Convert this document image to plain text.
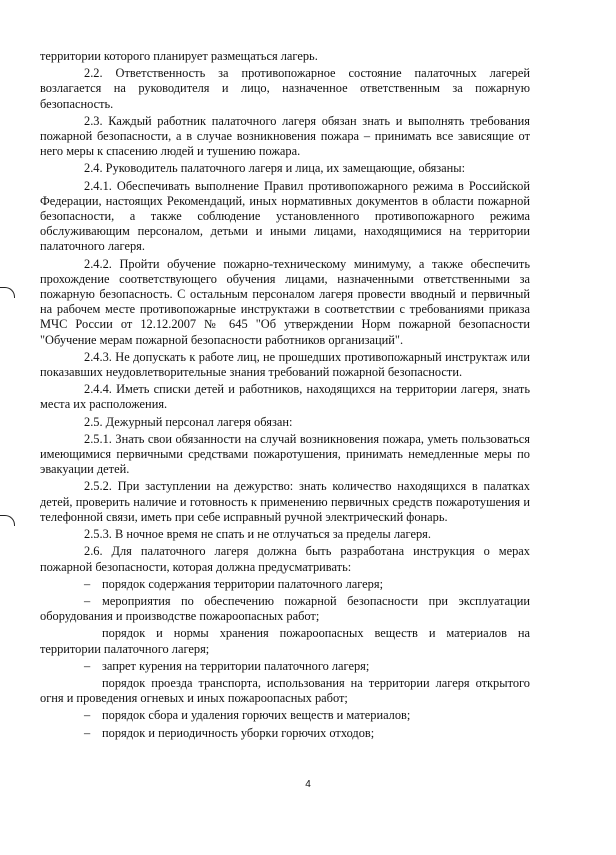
территории которого планирует размещаться лагерь.

2.2. Ответственность за противопожарное состояние палаточных лагерей возлагается на руководителя и лицо, назначенное ответственным за пожарную безопасность.

2.3. Каждый работник палаточного лагеря обязан знать и выполнять требования пожарной безопасности, а в случае возникновения пожара – принимать все зависящие от него меры к спасению людей и тушению пожара.

2.4. Руководитель палаточного лагеря и лица, их замещающие, обязаны:

2.4.1. Обеспечивать выполнение Правил противопожарного режима в Российской Федерации, настоящих Рекомендаций, иных нормативных документов в области пожарной безопасности, а также соблюдение установленного противопожарного режима обслуживающим персоналом, детьми и иными лицами, находящимися на территории палаточного лагеря.

2.4.2. Пройти обучение пожарно-техническому минимуму, а также обеспечить прохождение соответствующего обучения лицами, назначенными ответственными за пожарную безопасность. С остальным персоналом лагеря провести вводный и первичный на рабочем месте противопожарные инструктажи в соответствии с требованиями приказа МЧС России от 12.12.2007 № 645 "Об утверждении Норм пожарной безопасности "Обучение мерам пожарной безопасности работников организаций".

2.4.3. Не допускать к работе лиц, не прошедших противопожарный инструктаж или показавших неудовлетворительные знания требований пожарной безопасности.

2.4.4. Иметь списки детей и работников, находящихся на территории лагеря, знать места их расположения.

2.5. Дежурный персонал лагеря обязан:

2.5.1. Знать свои обязанности на случай возникновения пожара, уметь пользоваться имеющимися первичными средствами пожаротушения, принимать немедленные меры по эвакуации детей.

2.5.2. При заступлении на дежурство: знать количество находящихся в палатках детей, проверить наличие и готовность к применению первичных средств пожаротушения и телефонной связи, иметь при себе исправный ручной электрический фонарь.

2.5.3. В ночное время не спать и не отлучаться за пределы лагеря.

2.6. Для палаточного лагеря должна быть разработана инструкция о мерах пожарной безопасности, которая должна предусматривать:

– порядок содержания территории палаточного лагеря;

– мероприятия по обеспечению пожарной безопасности при эксплуатации оборудования и производстве пожароопасных работ;

порядок и нормы хранения пожароопасных веществ и материалов на территории палаточного лагеря;

– запрет курения на территории палаточного лагеря;

порядок проезда транспорта, использования на территории лагеря открытого огня и проведения огневых и иных пожароопасных работ;

– порядок сбора и удаления горючих веществ и материалов;

– порядок и периодичность уборки горючих отходов;

4
